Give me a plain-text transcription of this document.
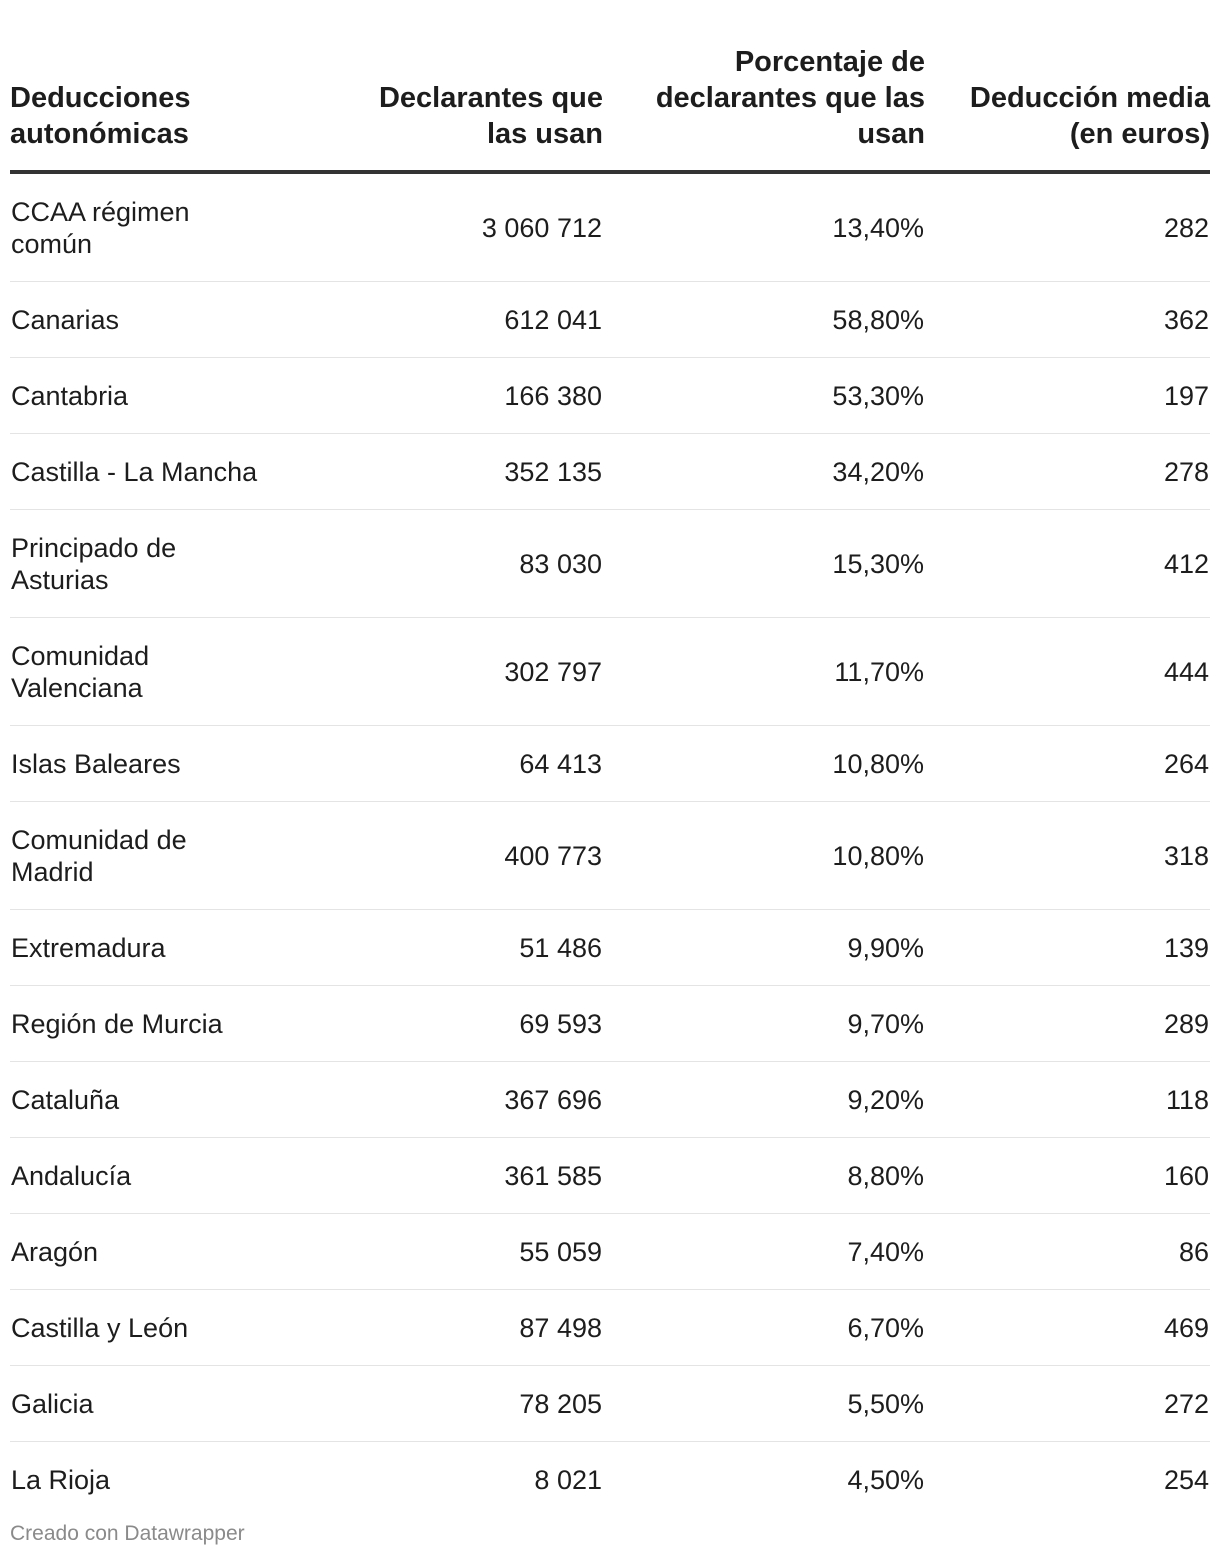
Deducciones autonómicas	Declarantes que las usan	Porcentaje de declarantes que las usan	Deducción media (en euros)

CCAA régimen común	3 060 712	13,40%	282

Canarias	612 041	58,80%	362

Cantabria	166 380	53,30%	197

Castilla - La Mancha	352 135	34,20%	278

Principado de Asturias	83 030	15,30%	412

Comunidad Valenciana	302 797	11,70%	444

Islas Baleares	64 413	10,80%	264

Comunidad de Madrid	400 773	10,80%	318

Extremadura	51 486	9,90%	139

Región de Murcia	69 593	9,70%	289

Cataluña	367 696	9,20%	118

Andalucía	361 585	8,80%	160

Aragón	55 059	7,40%	86

Castilla y León	87 498	6,70%	469

Galicia	78 205	5,50%	272

La Rioja	8 021	4,50%	254
Creado con Datawrapper
